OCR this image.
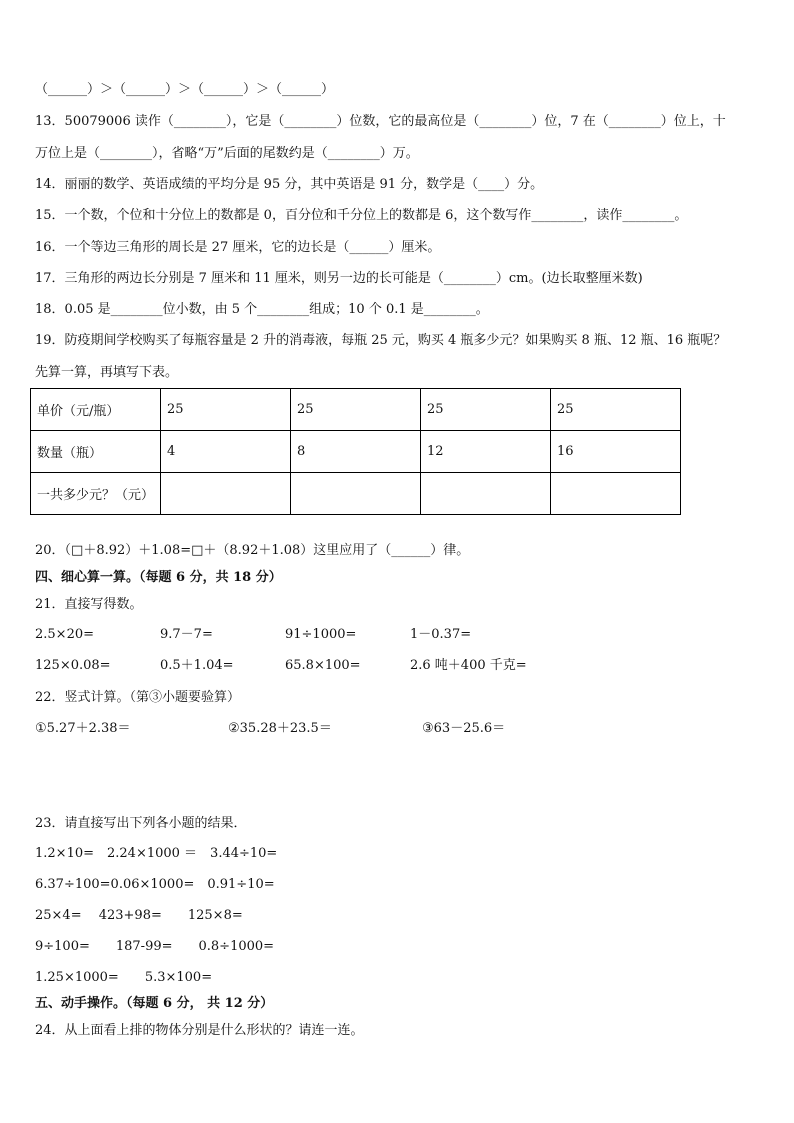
（______）＞（______）＞（______）＞（______）
13．50079006 读作（________），它是（________）位数，它的最高位是（________）位，7 在（________）位上，十
万位上是（________），省略“万”后面的尾数约是（________）万。
14．丽丽的数学、英语成绩的平均分是 95 分，其中英语是 91 分，数学是（____）分。
15．一个数，个位和十分位上的数都是 0，百分位和千分位上的数都是 6，这个数写作________，读作________。
16．一个等边三角形的周长是 27 厘米，它的边长是（______）厘米。
17．三角形的两边长分别是 7 厘米和 11 厘米，则另一边的长可能是（________）cm。(边长取整厘米数)
18．0.05 是________位小数，由 5 个________组成；10 个 0.1 是________。
19．防疫期间学校购买了每瓶容量是 2 升的消毒液，每瓶 25 元，购买 4 瓶多少元？如果购买 8 瓶、12 瓶、16 瓶呢？
先算一算，再填写下表。
单价（元/瓶）	25	25	25	25
数量（瓶）	4	8	12	16
一共多少元？（元）				
20．（□＋8.92）＋1.08=□＋（8.92＋1.08）这里应用了（______）律。
四、细心算一算。（每题 6 分，共 18 分）
21．直接写得数。
2.5×20=	9.7－7=	91÷1000=	1－0.37=
125×0.08=	0.5＋1.04=	65.8×100=	2.6 吨＋400 千克=
22．竖式计算。（第③小题要验算）
①5.27＋2.38＝	②35.28＋23.5＝	③63－25.6＝
23．请直接写出下列各小题的结果．
1.2×10=　2.24×1000 ＝　3.44÷10=
6.37÷100=0.06×1000=　0.91÷10=
25×4=　 423+98=　　125×8=
9÷100=　　187-99=　　0.8÷1000=
1.25×1000=　　5.3×100=
五、动手操作。（每题 6 分， 共 12 分）
24．从上面看上排的物体分别是什么形状的？请连一连。
